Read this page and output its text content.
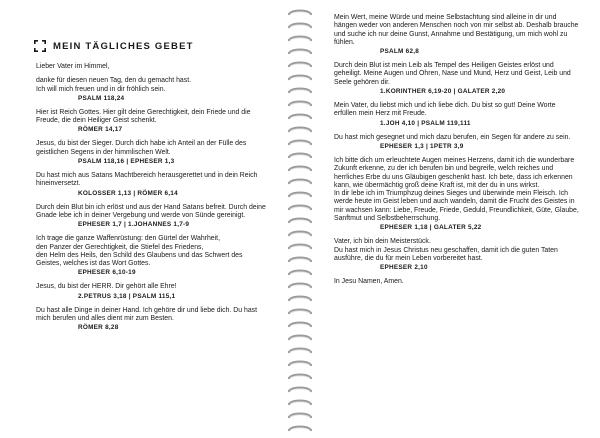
MEIN TÄGLICHES GEBET

Lieber Vater im Himmel,

danke für diesen neuen Tag, den du gemacht hast.
Ich will mich freuen und in dir fröhlich sein.

PSALM 118,24

Hier ist Reich Gottes. Hier gilt deine Gerechtigkeit, dein Friede und die Freude, die dein Heiliger Geist schenkt.

RÖMER 14,17

Jesus, du bist der Sieger. Durch dich habe ich Anteil an der Fülle des geistlichen Segens in der himmlischen Welt.

PSALM 118,16 | EPHESER 1,3

Du hast mich aus Satans Machtbereich herausgerettet und in dein Reich hineinversetzt.

KOLOSSER 1,13 | RÖMER 6,14

Durch dein Blut bin ich erlöst und aus der Hand Satans befreit. Durch deine Gnade lebe ich in deiner Vergebung und werde von Sünde gereinigt.

EPHESER 1,7 | 1.JOHANNES 1,7-9

Ich trage die ganze Waffenrüstung: den Gürtel der Wahrheit,
den Panzer der Gerechtigkeit, die Stiefel des Friedens,
den Helm des Heils, den Schild des Glaubens und das Schwert des Geistes, welches ist das Wort Gottes.

EPHESER 6,10-19

Jesus, du bist der HERR. Dir gehört alle Ehre!

2.PETRUS 3,18 | PSALM 115,1

Du hast alle Dinge in deiner Hand. Ich gehöre dir und liebe dich. Du hast mich berufen und alles dient mir zum Besten.

RÖMER 8,28

Mein Wert, meine Würde und meine Selbstachtung sind alleine in dir und hängen weder von anderen Menschen noch von mir selbst ab. Deshalb brauche und suche ich nur deine Gunst, Annahme und Bestätigung, um mich wohl zu fühlen.

PSALM 62,8

Durch dein Blut ist mein Leib als Tempel des Heiligen Geistes erlöst und geheiligt. Meine Augen und Ohren, Nase und Mund, Herz und Geist, Leib und Seele gehören dir.

1.KORINTHER 6,19-20 | GALATER 2,20

Mein Vater, du liebst mich und ich liebe dich. Du bist so gut! Deine Worte erfüllen mein Herz mit Freude.

1.JOH 4,10 | PSALM 119,111

Du hast mich gesegnet und mich dazu berufen, ein Segen für andere zu sein.

EPHESER 1,3 | 1PETR 3,9

Ich bitte dich um erleuchtete Augen meines Herzens, damit ich die wunderbare Zukunft erkenne, zu der ich berufen bin und begreife, welch reiches und herrliches Erbe du uns Gläubigen geschenkt hast. Ich bete, dass ich erkennen kann, wie übermächtig groß deine Kraft ist, mit der du in uns wirkst.
In dir lebe ich im Triumphzug deines Sieges und überwinde mein Fleisch. Ich werde heute im Geist leben und auch wandeln, damit die Frucht des Geistes in mir wachsen kann: Liebe, Freude, Friede, Geduld, Freundlichkeit, Güte, Glaube, Sanftmut und Selbstbeherrschung.

EPHESER 1,18 | GALATER 5,22

Vater, ich bin dein Meisterstück.
Du hast mich in Jesus Christus neu geschaffen, damit ich die guten Taten ausführe, die du für mein Leben vorbereitet hast.

EPHESER 2,10

In Jesu Namen, Amen.
